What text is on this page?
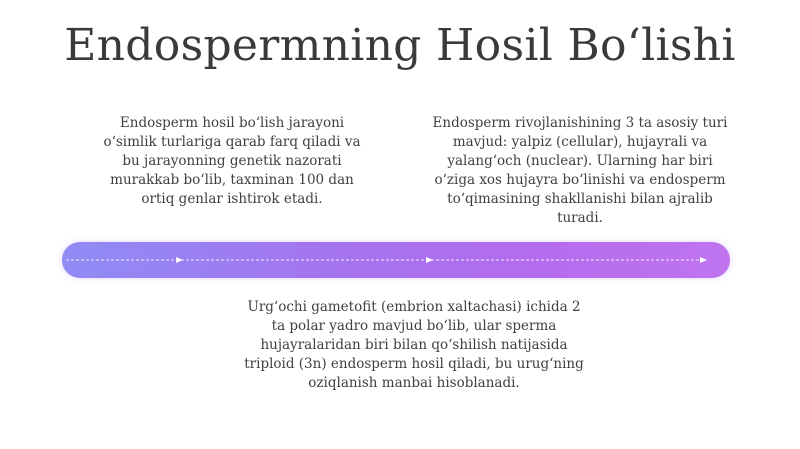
Endospermning Hosil Boʻlishi
Endosperm hosil boʻlish jarayoni
oʻsimlik turlariga qarab farq qiladi va
bu jarayonning genetik nazorati
murakkab boʻlib, taxminan 100 dan
ortiq genlar ishtirok etadi.
Endosperm rivojlanishining 3 ta asosiy turi
mavjud: yalpiz (cellular), hujayrali va
yalangʻoch (nuclear). Ularning har biri
oʻziga xos hujayra boʻlinishi va endosperm
toʻqimasining shakllanishi bilan ajralib
turadi.
Urgʻochi gametofit (embrion xaltachasi) ichida 2
ta polar yadro mavjud boʻlib, ular sperma
hujayralaridan biri bilan qoʻshilish natijasida
triploid (3n) endosperm hosil qiladi, bu urugʻning
oziqlanish manbai hisoblanadi.
